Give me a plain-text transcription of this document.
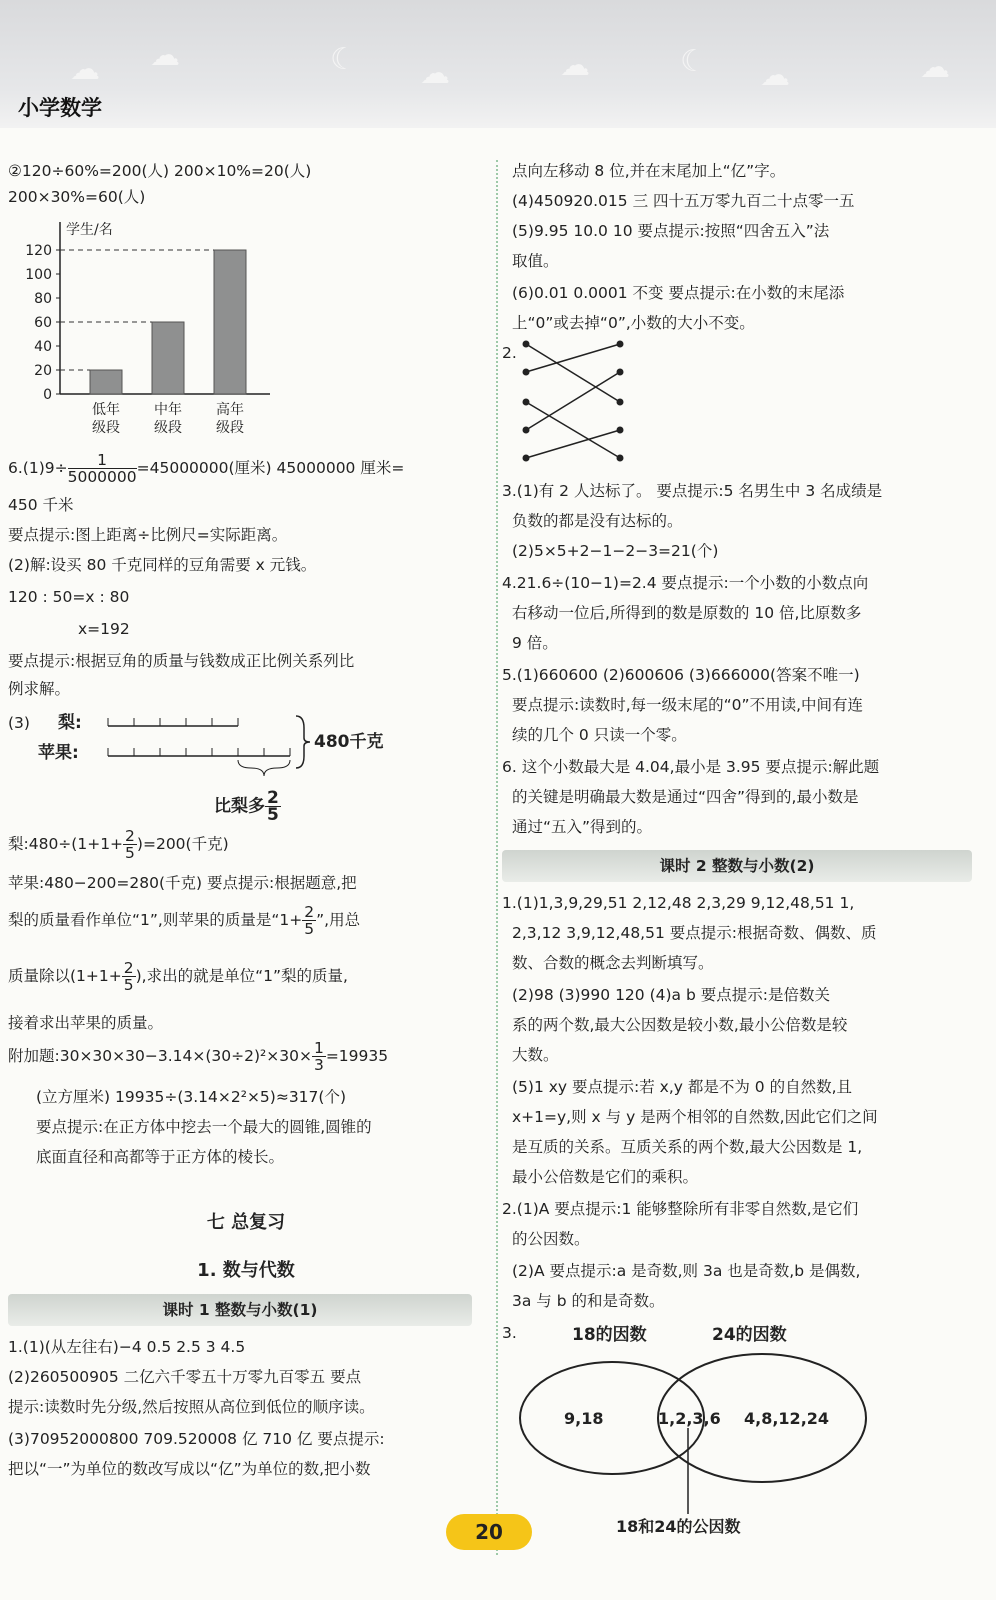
☁ ☁	☾ ☁	☁	☾ ☁	☁
小学数学
②120÷60%=200(人) 200×10%=20(人)
200×30%=60(人)
学生/名
0
20
40
60
80
100
120
低年
级段
中年
级段
高年
级段
$6.(1)9\div \frac{1}{5000000} =45000000$(厘米) 45000000 厘米=
450 千米
要点提示:图上距离÷比例尺=实际距离。
(2)解:设买 80 千克同样的豆角需要 x 元钱。
120 : 50=x : 80
x=192
要点提示:根据豆角的质量与钱数成正比例关系列比
例求解。
(3) 梨:
苹果:
480千克
比梨多 $\frac{2}{5}$
梨:480÷(1+1+ $\frac{2}{5} )=200$(千克)
苹果:480−200=280(千克) 要点提示:根据题意,把
梨的质量看作单位“1”,则苹果的质量是“$1+ \frac{2}{5}$ ”,用总
质量除以($1+1+ \frac{2}{5}$ ),求出的就是单位“1”梨的质量,
接着求出苹果的质量。
附加题:30×30×30−3.14×(30÷2)²×30× $\frac{1}{3} =19935$
(立方厘米) 19935÷(3.14×2²×5)≈317(个)
要点提示:在正方体中挖去一个最大的圆锥,圆锥的
底面直径和高都等于正方体的棱长。
七 总复习
1. 数与代数
课时 1 整数与小数(1)
1.(1)(从左往右)−4 0.5 2.5 3 4.5
(2)260500905 二亿六千零五十万零九百零五 要点
提示:读数时先分级,然后按照从高位到低位的顺序读。
(3)70952000800 709.520008 亿 710 亿 要点提示:
把以“一”为单位的数改写成以“亿”为单位的数,把小数
点向左移动 8 位,并在末尾加上“亿”字。
(4)450920.015 三 四十五万零九百二十点零一五
(5)9.95 10.0 10 要点提示:按照“四舍五入”法
取值。
(6)0.01 0.0001 不变 要点提示:在小数的末尾添
上“0”或去掉“0”,小数的大小不变。
2.
3.(1)有 2 人达标了。 要点提示:5 名男生中 3 名成绩是
负数的都是没有达标的。
(2)5×5+2−1−2−3=21(个)
4.21.6÷(10−1)=2.4 要点提示:一个小数的小数点向
右移动一位后,所得到的数是原数的 10 倍,比原数多
9 倍。
5.(1)660600 (2)600606 (3)666000(答案不唯一)
要点提示:读数时,每一级末尾的“0”不用读,中间有连
续的几个 0 只读一个零。
6. 这个小数最大是 4.04,最小是 3.95 要点提示:解此题
的关键是明确最大数是通过“四舍”得到的,最小数是
通过“五入”得到的。
课时 2 整数与小数(2)
1.(1)1,3,9,29,51 2,12,48 2,3,29 9,12,48,51 1,
2,3,12 3,9,12,48,51 要点提示:根据奇数、偶数、质
数、合数的概念去判断填写。
(2)98 (3)990 120 (4)a b 要点提示:是倍数关
系的两个数,最大公因数是较小数,最小公倍数是较
大数。
(5)1 xy 要点提示:若 x,y 都是不为 0 的自然数,且
x+1=y,则 x 与 y 是两个相邻的自然数,因此它们之间
是互质的关系。互质关系的两个数,最大公因数是 1,
最小公倍数是它们的乘积。
2.(1)A 要点提示:1 能够整除所有非零自然数,是它们
的公因数。
(2)A 要点提示:a 是奇数,则 3a 也是奇数,b 是偶数,
3a 与 b 的和是奇数。
3.	18的因数	24的因数
9,18	1,2,3,6 4,8,12,24
18和24的公因数
20
